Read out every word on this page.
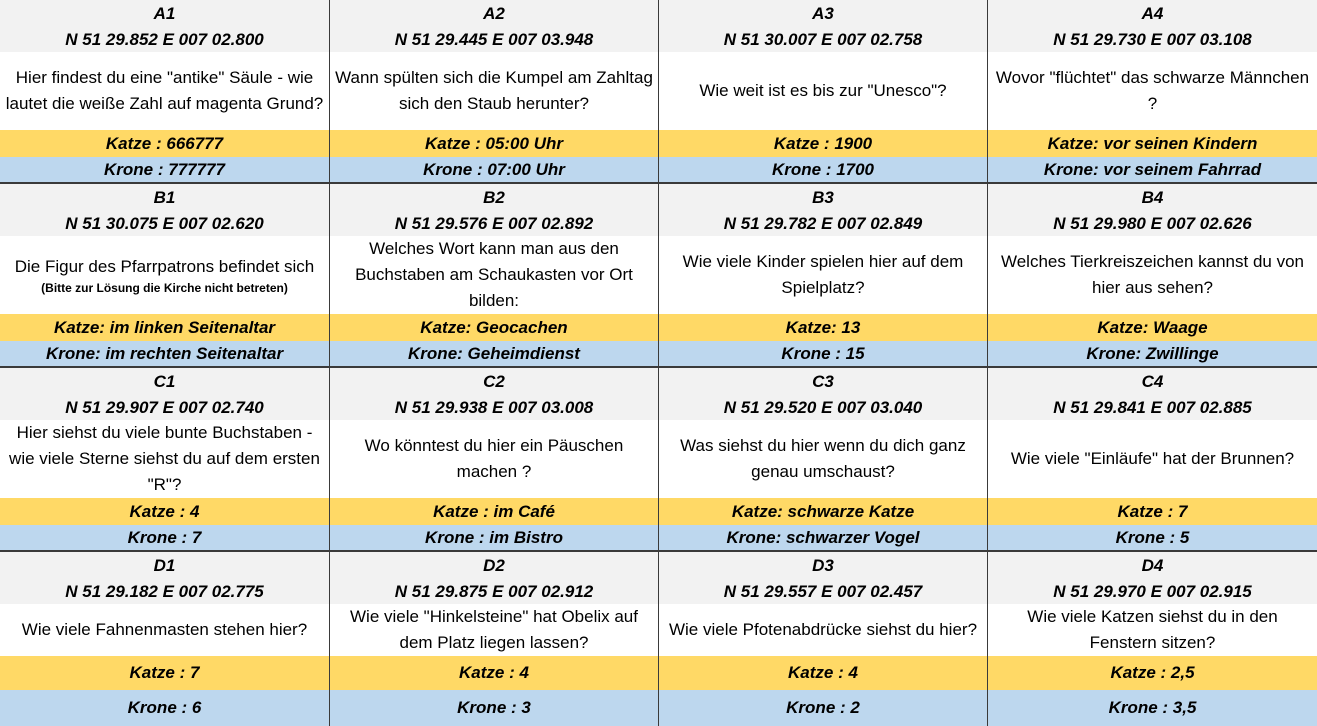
A1
N 51 29.852 E 007 02.800
Hier findest du eine "antike" Säule - wie lautet die weiße Zahl auf magenta Grund?
Katze : 666777
Krone : 777777
A2
N 51 29.445 E 007 03.948
Wann spülten sich die Kumpel am Zahltag sich den Staub herunter?
Katze : 05:00 Uhr
Krone : 07:00 Uhr
A3
N 51 30.007 E 007 02.758
Wie weit ist es bis zur "Unesco"?
Katze : 1900
Krone : 1700
A4
N 51 29.730 E 007 03.108
Wovor "flüchtet" das schwarze Männchen ?
Katze: vor seinen Kindern
Krone: vor seinem Fahrrad
B1
N 51 30.075 E 007 02.620
Die Figur des Pfarrpatrons befindet sich
(Bitte zur Lösung die Kirche nicht betreten)
Katze: im linken Seitenaltar
Krone: im rechten Seitenaltar
B2
N 51 29.576 E 007 02.892
Welches Wort kann man aus den Buchstaben am Schaukasten vor Ort bilden:
Katze: Geocachen
Krone: Geheimdienst
B3
N 51 29.782 E 007 02.849
Wie viele Kinder spielen hier auf dem Spielplatz?
Katze: 13
Krone : 15
B4
N 51 29.980 E 007 02.626
Welches Tierkreiszeichen kannst du von hier aus sehen?
Katze: Waage
Krone: Zwillinge
C1
N 51 29.907 E 007 02.740
Hier siehst du viele bunte Buchstaben - wie viele Sterne siehst du auf dem ersten "R"?
Katze : 4
Krone : 7
C2
N 51 29.938 E 007 03.008
Wo könntest du hier ein Päuschen machen ?
Katze : im Café
Krone : im Bistro
C3
N 51 29.520 E 007 03.040
Was siehst du hier wenn du dich ganz genau umschaust?
Katze: schwarze Katze
Krone: schwarzer Vogel
C4
N 51 29.841 E 007 02.885
Wie viele "Einläufe" hat der Brunnen?
Katze : 7
Krone : 5
D1
N 51 29.182 E 007 02.775
Wie viele Fahnenmasten stehen hier?
Katze : 7
Krone : 6
D2
N 51 29.875 E 007 02.912
Wie viele "Hinkelsteine" hat Obelix auf dem Platz liegen lassen?
Katze : 4
Krone : 3
D3
N 51 29.557 E 007 02.457
Wie viele Pfotenabdrücke siehst du hier?
Katze : 4
Krone : 2
D4
N 51 29.970 E 007 02.915
Wie viele Katzen siehst du in den Fenstern sitzen?
Katze : 2,5
Krone : 3,5
